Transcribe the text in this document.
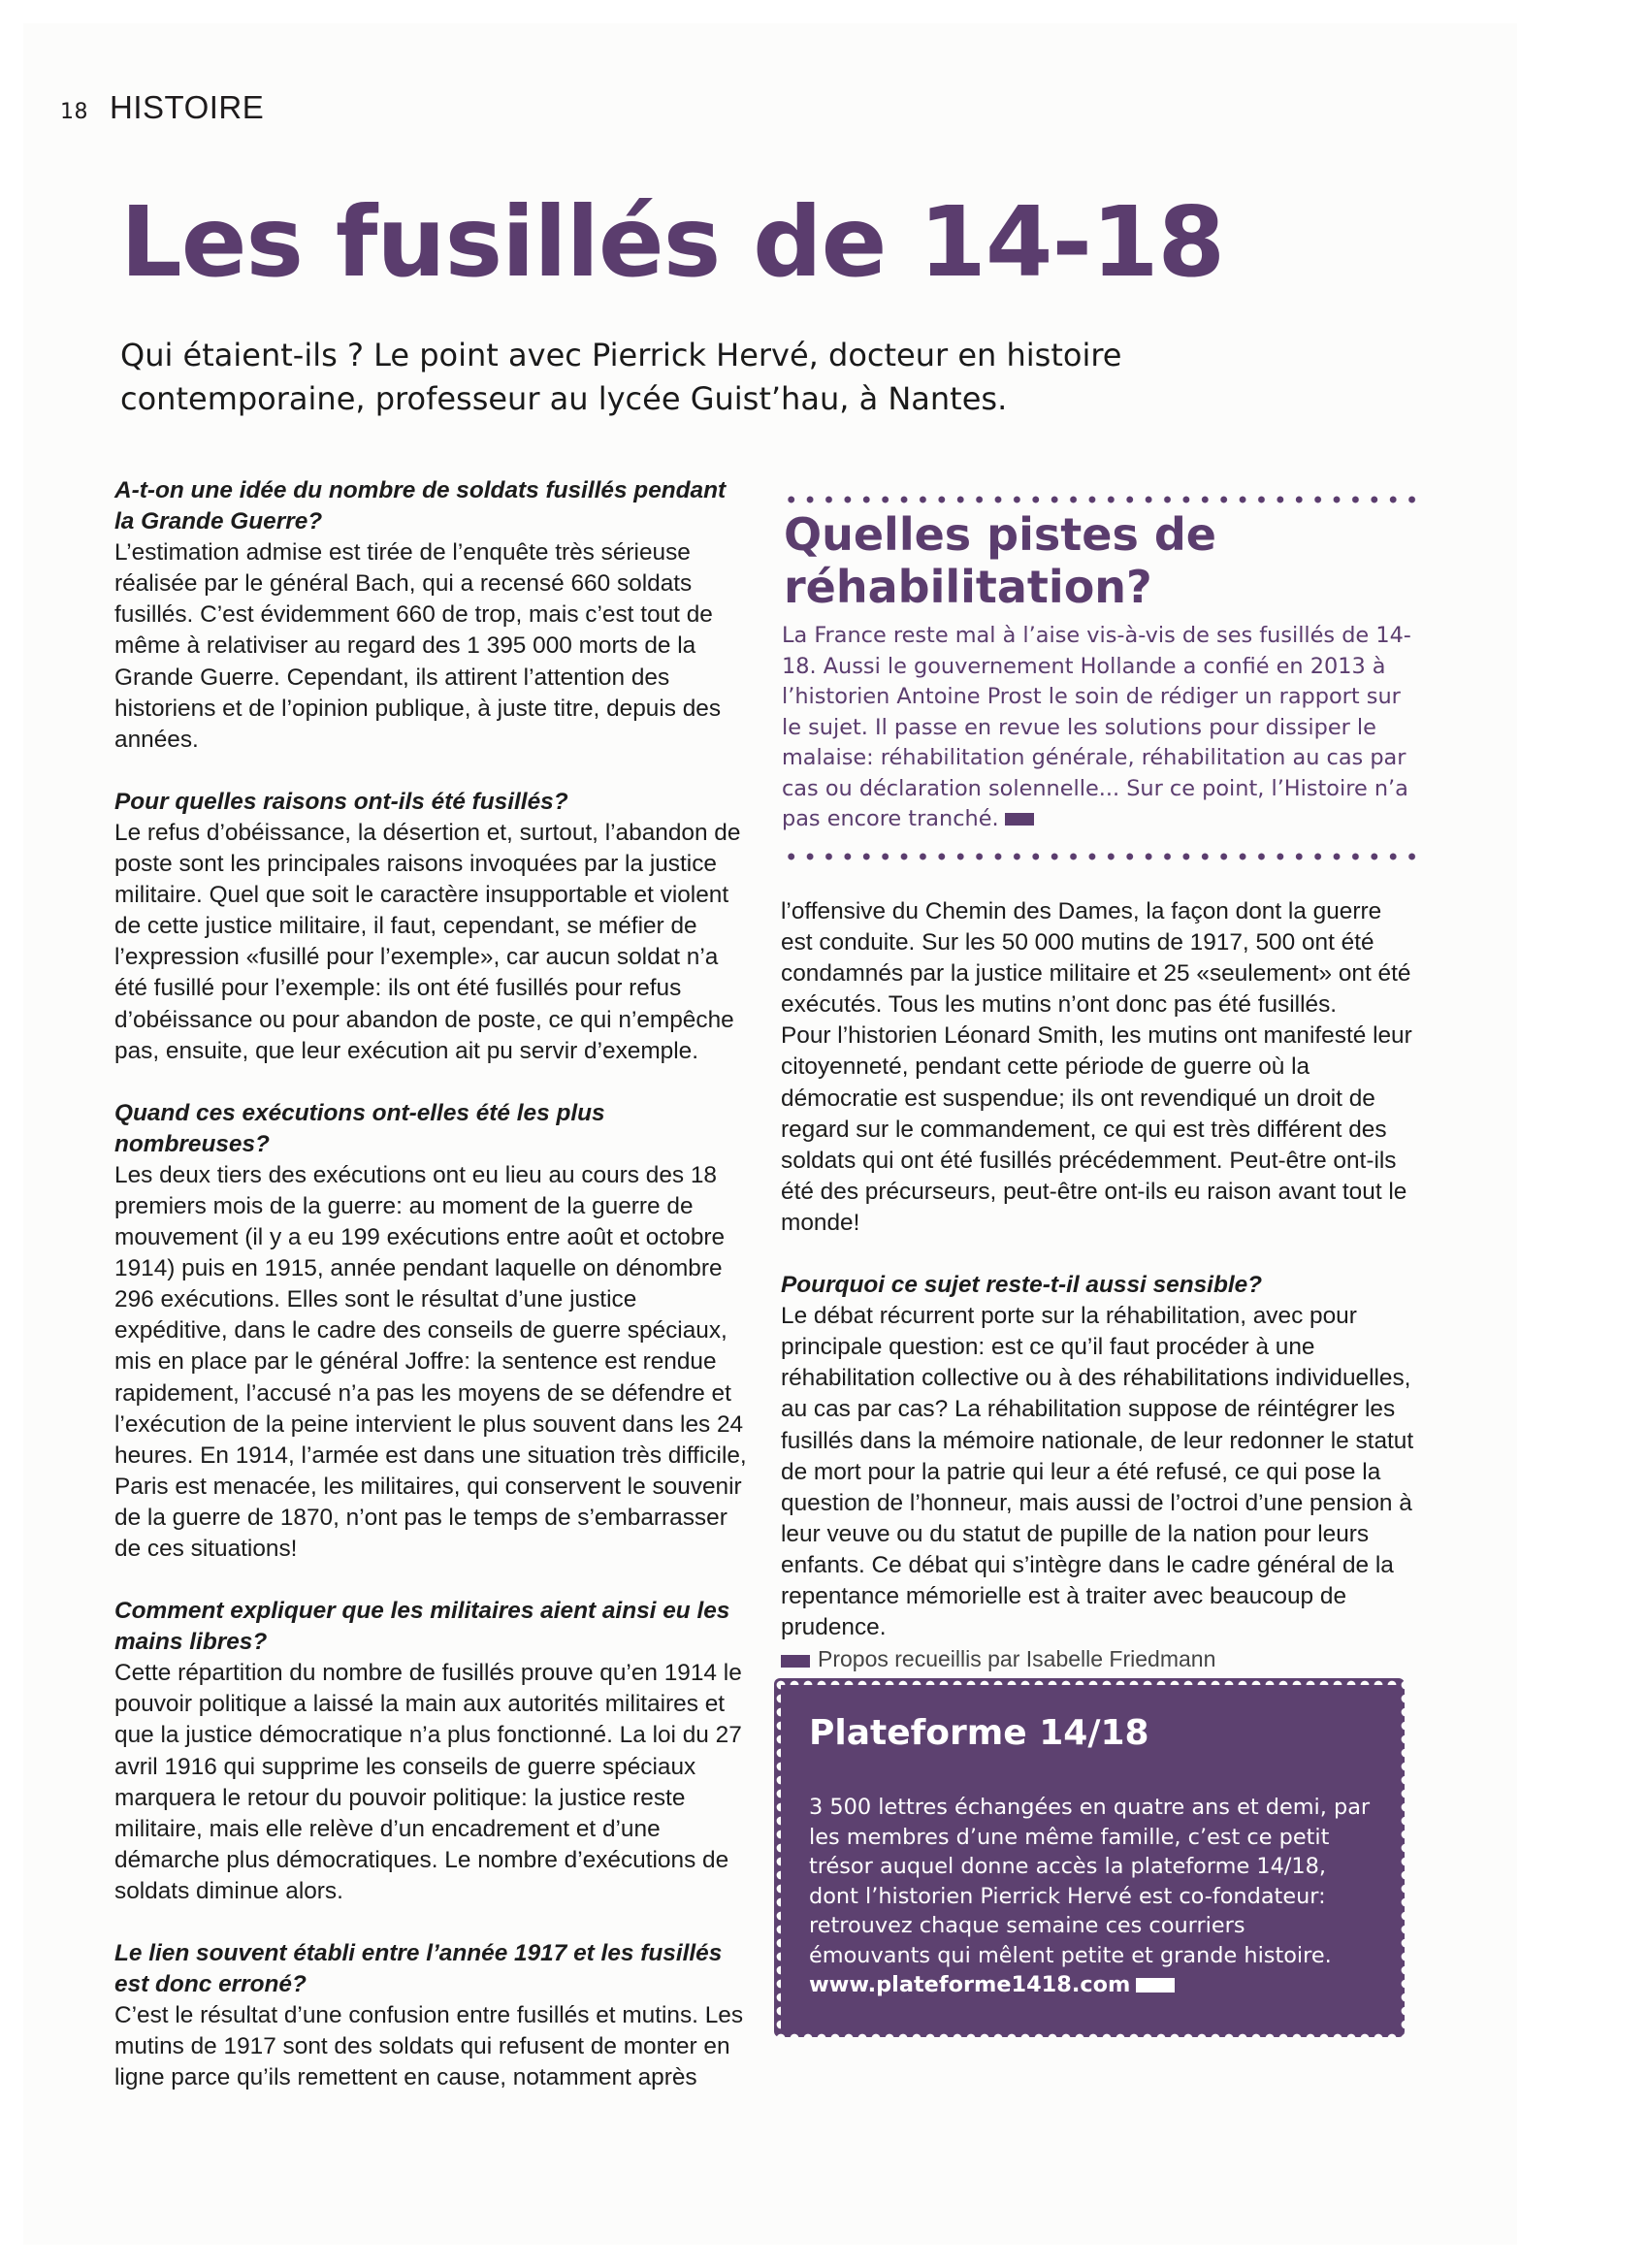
18 HISTOIRE
Les fusillés de 14-18
Qui étaient-ils ? Le point avec Pierrick Hervé, docteur en histoire contemporaine, professeur au lycée Guist’hau, à Nantes.

A-t-on une idée du nombre de soldats fusillés pendant la Grande Guerre?

L’estimation admise est tirée de l’enquête très sérieuse réalisée par le général Bach, qui a recensé 660 soldats fusillés. C’est évidemment 660 de trop, mais c’est tout de même à relativiser au regard des 1 395 000 morts de la Grande Guerre. Cependant, ils attirent l’attention des historiens et de l’opinion publique, à juste titre, depuis des années.

Pour quelles raisons ont-ils été fusillés?

Le refus d’obéissance, la désertion et, surtout, l’abandon de poste sont les principales raisons invoquées par la justice militaire. Quel que soit le caractère insupportable et violent de cette justice militaire, il faut, cependant, se méfier de l’expression «fusillé pour l’exemple», car aucun soldat n’a été fusillé pour l’exemple: ils ont été fusillés pour refus d’obéissance ou pour abandon de poste, ce qui n’empêche pas, ensuite, que leur exécution ait pu servir d’exemple.

Quand ces exécutions ont-elles été les plus nombreuses?

Les deux tiers des exécutions ont eu lieu au cours des 18 premiers mois de la guerre: au moment de la guerre de mouvement (il y a eu 199 exécutions entre août et octobre 1914) puis en 1915, année pendant laquelle on dénombre 296 exécutions. Elles sont le résultat d’une justice expéditive, dans le cadre des conseils de guerre spéciaux, mis en place par le général Joffre: la sentence est rendue rapidement, l’accusé n’a pas les moyens de se défendre et l’exécution de la peine intervient le plus souvent dans les 24 heures. En 1914, l’armée est dans une situation très difficile, Paris est menacée, les militaires, qui conservent le souvenir de la guerre de 1870, n’ont pas le temps de s’embarrasser de ces situations!

Comment expliquer que les militaires aient ainsi eu les mains libres?

Cette répartition du nombre de fusillés prouve qu’en 1914 le pouvoir politique a laissé la main aux autorités militaires et que la justice démocratique n’a plus fonctionné. La loi du 27 avril 1916 qui supprime les conseils de guerre spéciaux marquera le retour du pouvoir politique: la justice reste militaire, mais elle relève d’un encadrement et d’une démarche plus démocratiques. Le nombre d’exécutions de soldats diminue alors.

Le lien souvent établi entre l’année 1917 et les fusillés est donc erroné?

C’est le résultat d’une confusion entre fusillés et mutins. Les mutins de 1917 sont des soldats qui refusent de monter en ligne parce qu’ils remettent en cause, notamment après

Quelles pistes de réhabilitation?
La France reste mal à l’aise vis-à-vis de ses fusillés de 14-18. Aussi le gouvernement Hollande a confié en 2013 à l’historien Antoine Prost le soin de rédiger un rapport sur le sujet. Il passe en revue les solutions pour dissiper le malaise: réhabilitation générale, réhabilitation au cas par cas ou déclaration solennelle... Sur ce point, l’Histoire n’a pas encore tranché.

l’offensive du Chemin des Dames, la façon dont la guerre est conduite. Sur les 50 000 mutins de 1917, 500 ont été condamnés par la justice militaire et 25 «seulement» ont été exécutés. Tous les mutins n’ont donc pas été fusillés.

Pour l’historien Léonard Smith, les mutins ont manifesté leur citoyenneté, pendant cette période de guerre où la démocratie est suspendue; ils ont revendiqué un droit de regard sur le commandement, ce qui est très différent des soldats qui ont été fusillés précédemment. Peut-être ont-ils été des précurseurs, peut-être ont-ils eu raison avant tout le monde!

Pourquoi ce sujet reste-t-il aussi sensible?

Le débat récurrent porte sur la réhabilitation, avec pour principale question: est ce qu’il faut procéder à une réhabilitation collective ou à des réhabilitations individuelles, au cas par cas? La réhabilitation suppose de réintégrer les fusillés dans la mémoire nationale, de leur redonner le statut de mort pour la patrie qui leur a été refusé, ce qui pose la question de l’honneur, mais aussi de l’octroi d’une pension à leur veuve ou du statut de pupille de la nation pour leurs enfants. Ce débat qui s’intègre dans le cadre général de la repentance mémorielle est à traiter avec beaucoup de prudence.

Propos recueillis par Isabelle Friedmann

Plateforme 14/18
3 500 lettres échangées en quatre ans et demi, par les membres d’une même famille, c’est ce petit trésor auquel donne accès la plateforme 14/18, dont l’historien Pierrick Hervé est co-fondateur: retrouvez chaque semaine ces courriers émouvants qui mêlent petite et grande histoire.
www.plateforme1418.com
